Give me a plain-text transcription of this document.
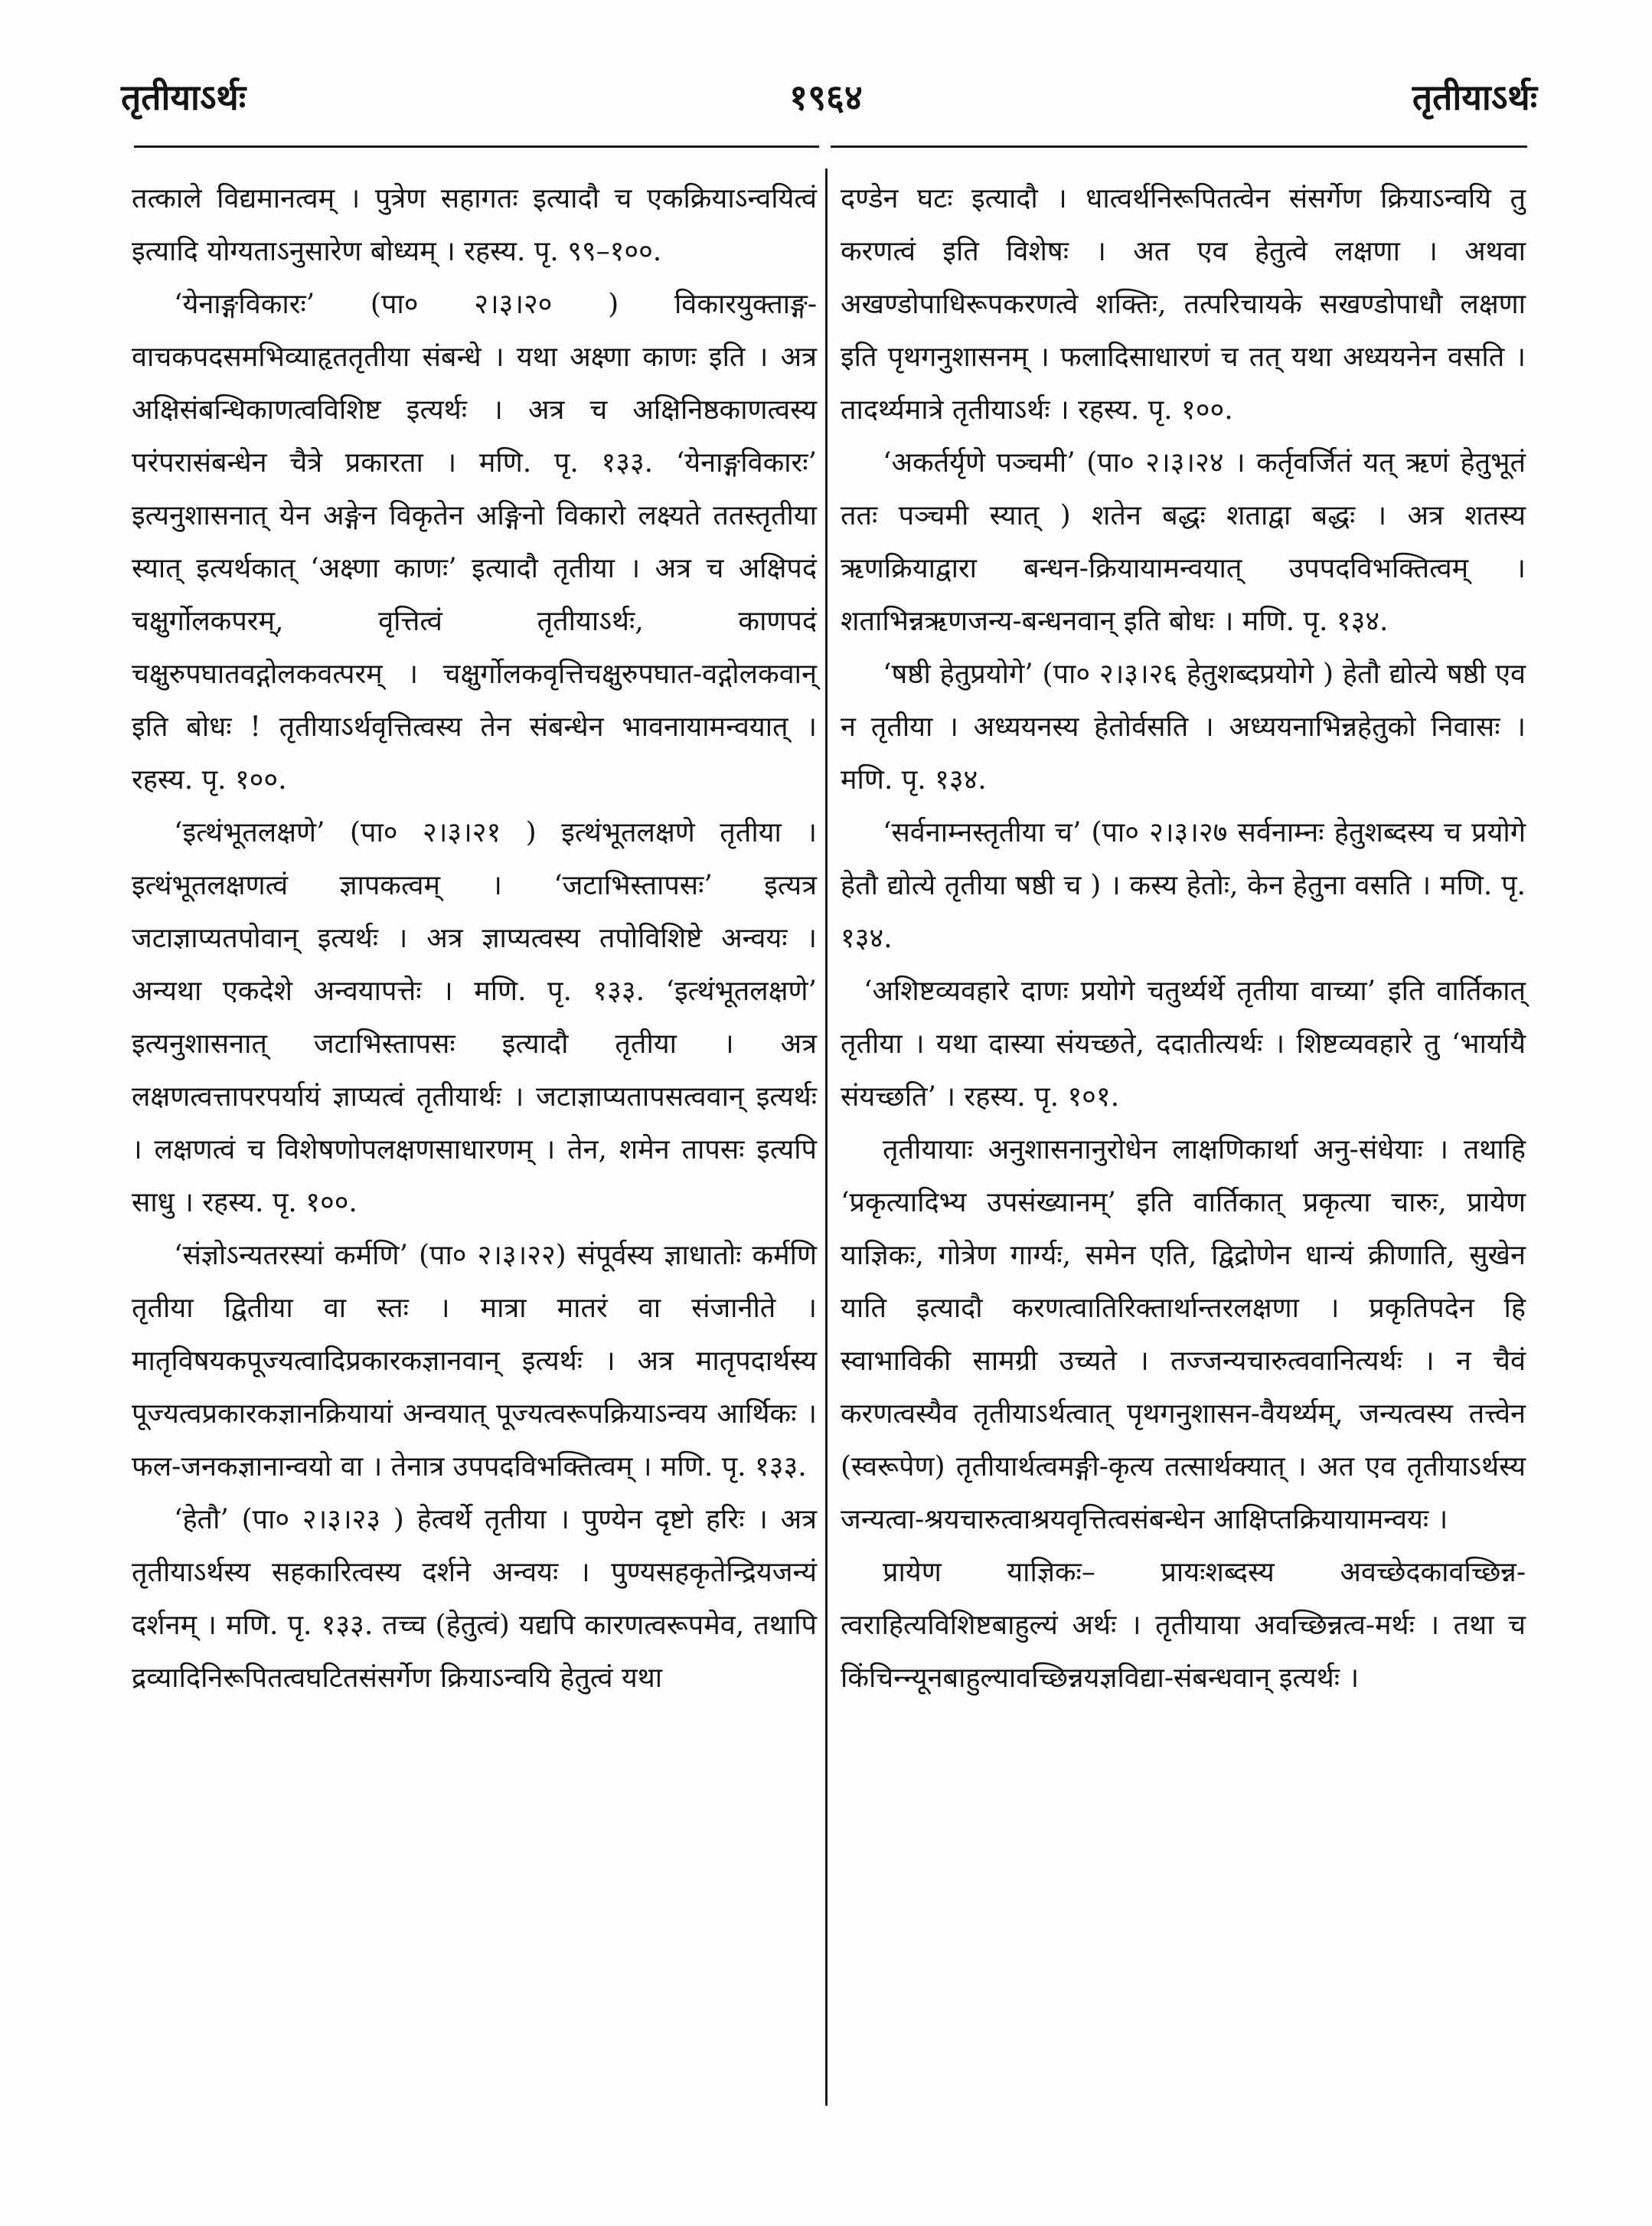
तृतीयाऽर्थः	१९६४	तृतीयाऽर्थः

तत्काले विद्यमानत्वम् । पुत्रेण सहागतः इत्यादौ च एकक्रियाऽन्वयित्वं इत्यादि योग्यताऽनुसारेण बोध्यम् । रहस्य. पृ. ९९–१००.

‘येनाङ्गविकारः’ (पा० २।३।२० ) विकारयुक्ताङ्ग-वाचकपदसमभिव्याहृततृतीया संबन्धे । यथा अक्ष्णा काणः इति । अत्र अक्षिसंबन्धिकाणत्वविशिष्ट इत्यर्थः । अत्र च अक्षिनिष्ठकाणत्वस्य परंपरासंबन्धेन चैत्रे प्रकारता । मणि. पृ. १३३. ‘येनाङ्गविकारः’ इत्यनुशासनात् येन अङ्गेन विकृतेन अङ्गिनो विकारो लक्ष्यते ततस्तृतीया स्यात् इत्यर्थकात् ‘अक्ष्णा काणः’ इत्यादौ तृतीया । अत्र च अक्षिपदं चक्षुर्गोलकपरम्, वृत्तित्वं तृतीयाऽर्थः, काणपदं चक्षुरुपघातवद्गोलकवत्परम् । चक्षुर्गोलकवृत्तिचक्षुरुपघात-वद्गोलकवान् इति बोधः ! तृतीयाऽर्थवृत्तित्वस्य तेन संबन्धेन भावनायामन्वयात् । रहस्य. पृ. १००.

‘इत्थंभूतलक्षणे’ (पा० २।३।२१ ) इत्थंभूतलक्षणे तृतीया । इत्थंभूतलक्षणत्वं ज्ञापकत्वम् । ‘जटाभिस्तापसः’ इत्यत्र जटाज्ञाप्यतपोवान् इत्यर्थः । अत्र ज्ञाप्यत्वस्य तपोविशिष्टे अन्वयः । अन्यथा एकदेशे अन्वयापत्तेः । मणि. पृ. १३३. ‘इत्थंभूतलक्षणे’ इत्यनुशासनात् जटाभिस्तापसः इत्यादौ तृतीया । अत्र लक्षणत्वत्तापरपर्यायं ज्ञाप्यत्वं तृतीयार्थः । जटाज्ञाप्यतापसत्ववान् इत्यर्थः । लक्षणत्वं च विशेषणोपलक्षणसाधारणम् । तेन, शमेन तापसः इत्यपि साधु । रहस्य. पृ. १००.

‘संज्ञोऽन्यतरस्यां कर्मणि’ (पा० २।३।२२) संपूर्वस्य ज्ञाधातोः कर्मणि तृतीया द्वितीया वा स्तः । मात्रा मातरं वा संजानीते । मातृविषयकपूज्यत्वादिप्रकारकज्ञानवान् इत्यर्थः । अत्र मातृपदार्थस्य पूज्यत्वप्रकारकज्ञानक्रियायां अन्वयात् पूज्यत्वरूपक्रियाऽन्वय आर्थिकः । फल-जनकज्ञानान्वयो वा । तेनात्र उपपदविभक्तित्वम् । मणि. पृ. १३३.

‘हेतौ’ (पा० २।३।२३ ) हेत्वर्थे तृतीया । पुण्येन दृष्टो हरिः । अत्र तृतीयाऽर्थस्य सहकारित्वस्य दर्शने अन्वयः । पुण्यसहकृतेन्द्रियजन्यं दर्शनम् । मणि. पृ. १३३. तच्च (हेतुत्वं) यद्यपि कारणत्वरूपमेव, तथापि द्रव्यादिनिरूपितत्वघटितसंसर्गेण क्रियाऽन्वयि हेतुत्वं यथा

दण्डेन घटः इत्यादौ । धात्वर्थनिरूपितत्वेन संसर्गेण क्रियाऽन्वयि तु करणत्वं इति विशेषः । अत एव हेतुत्वे लक्षणा । अथवा अखण्डोपाधिरूपकरणत्वे शक्तिः, तत्परिचायके सखण्डोपाधौ लक्षणा इति पृथगनुशासनम् । फलादिसाधारणं च तत् यथा अध्ययनेन वसति । तादर्थ्यमात्रे तृतीयाऽर्थः । रहस्य. पृ. १००.

‘अकर्तर्यृणे पञ्चमी’ (पा० २।३।२४ । कर्तृवर्जितं यत् ऋणं हेतुभूतं ततः पञ्चमी स्यात् ) शतेन बद्धः शताद्वा बद्धः । अत्र शतस्य ऋणक्रियाद्वारा बन्धन-क्रियायामन्वयात् उपपदविभक्तित्वम् । शताभिन्नऋणजन्य-बन्धनवान् इति बोधः । मणि. पृ. १३४.

‘षष्ठी हेतुप्रयोगे’ (पा० २।३।२६ हेतुशब्दप्रयोगे ) हेतौ द्योत्ये षष्ठी एव न तृतीया । अध्ययनस्य हेतोर्वसति । अध्ययनाभिन्नहेतुको निवासः । मणि. पृ. १३४.

‘सर्वनाम्नस्तृतीया च’ (पा० २।३।२७ सर्वनाम्नः हेतुशब्दस्य च प्रयोगे हेतौ द्योत्ये तृतीया षष्ठी च ) । कस्य हेतोः, केन हेतुना वसति । मणि. पृ. १३४.

‘अशिष्टव्यवहारे दाणः प्रयोगे चतुर्थ्यर्थे तृतीया वाच्या’ इति वार्तिकात् तृतीया । यथा दास्या संयच्छते, ददातीत्यर्थः । शिष्टव्यवहारे तु ‘भार्यायै संयच्छति’ । रहस्य. पृ. १०१.

तृतीयायाः अनुशासनानुरोधेन लाक्षणिकार्था अनु-संधेयाः । तथाहि ‘प्रकृत्यादिभ्य उपसंख्यानम्’ इति वार्तिकात् प्रकृत्या चारुः, प्रायेण याज्ञिकः, गोत्रेण गार्ग्यः, समेन एति, द्विद्रोणेन धान्यं क्रीणाति, सुखेन याति इत्यादौ करणत्वातिरिक्तार्थान्तरलक्षणा । प्रकृतिपदेन हि स्वाभाविकी सामग्री उच्यते । तज्जन्यचारुत्ववानित्यर्थः । न चैवं करणत्वस्यैव तृतीयाऽर्थत्वात् पृथगनुशासन-वैयर्थ्यम्, जन्यत्वस्य तत्त्वेन (स्वरूपेण) तृतीयार्थत्वमङ्गी-कृत्य तत्सार्थक्यात् । अत एव तृतीयाऽर्थस्य जन्यत्वा-श्रयचारुत्वाश्रयवृत्तित्वसंबन्धेन आक्षिप्तक्रियायामन्वयः ।

प्रायेण याज्ञिकः– प्रायःशब्दस्य अवच्छेदकावच्छिन्न-त्वराहित्यविशिष्टबाहुल्यं अर्थः । तृतीयाया अवच्छिन्नत्व-मर्थः । तथा च किंचिन्न्यूनबाहुल्यावच्छिन्नयज्ञविद्या-संबन्धवान् इत्यर्थः ।
